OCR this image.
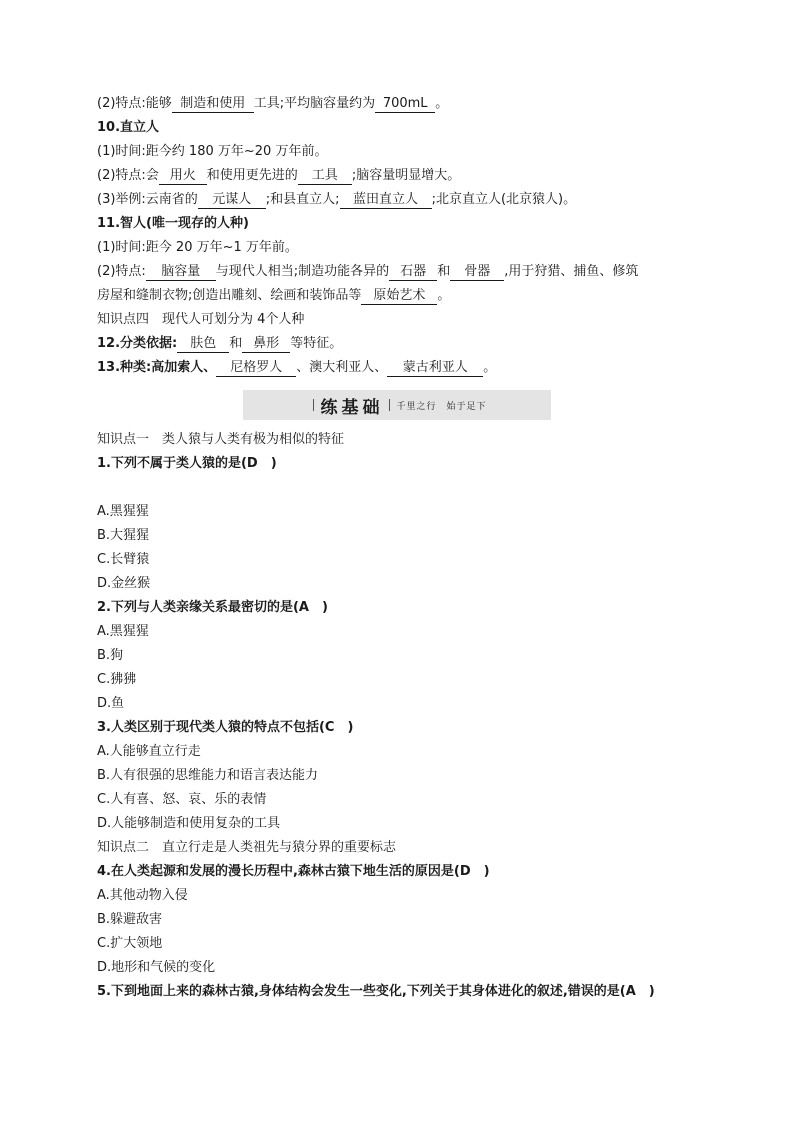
(2)特点:能够 制造和使用 工具;平均脑容量约为 700mL 。
10.直立人
(1)时间:距今约 180 万年~20 万年前。
(2)特点:会 用火 和使用更先进的 工具 ;脑容量明显增大。
(3)举例:云南省的 元谋人 ;和县直立人; 蓝田直立人 ;北京直立人(北京猿人)。
11.智人(唯一现存的人种)
(1)时间:距今 20 万年~1 万年前。
(2)特点: 脑容量 与现代人相当;制造功能各异的 石器 和 骨器 ,用于狩猎、捕鱼、修筑
房屋和缝制衣物;创造出雕刻、绘画和装饰品等 原始艺术 。
知识点四　现代人可划分为 4个人种
12.分类依据: 肤色 和 鼻形 等特征。
13.种类:高加索人、 尼格罗人 、澳大利亚人、 蒙古利亚人 。
练基础 千里之行　始于足下
知识点一　类人猿与人类有极为相似的特征
1.下列不属于类人猿的是(D　)
A.黑猩猩
B.大猩猩
C.长臂猿
D.金丝猴
2.下列与人类亲缘关系最密切的是(A　)
A.黑猩猩
B.狗
C.狒狒
D.鱼
3.人类区别于现代类人猿的特点不包括(C　)
A.人能够直立行走
B.人有很强的思维能力和语言表达能力
C.人有喜、怒、哀、乐的表情
D.人能够制造和使用复杂的工具
知识点二　直立行走是人类祖先与猿分界的重要标志
4.在人类起源和发展的漫长历程中,森林古猿下地生活的原因是(D　)
A.其他动物入侵
B.躲避敌害
C.扩大领地
D.地形和气候的变化
5.下到地面上来的森林古猿,身体结构会发生一些变化,下列关于其身体进化的叙述,错误的是(A　)
